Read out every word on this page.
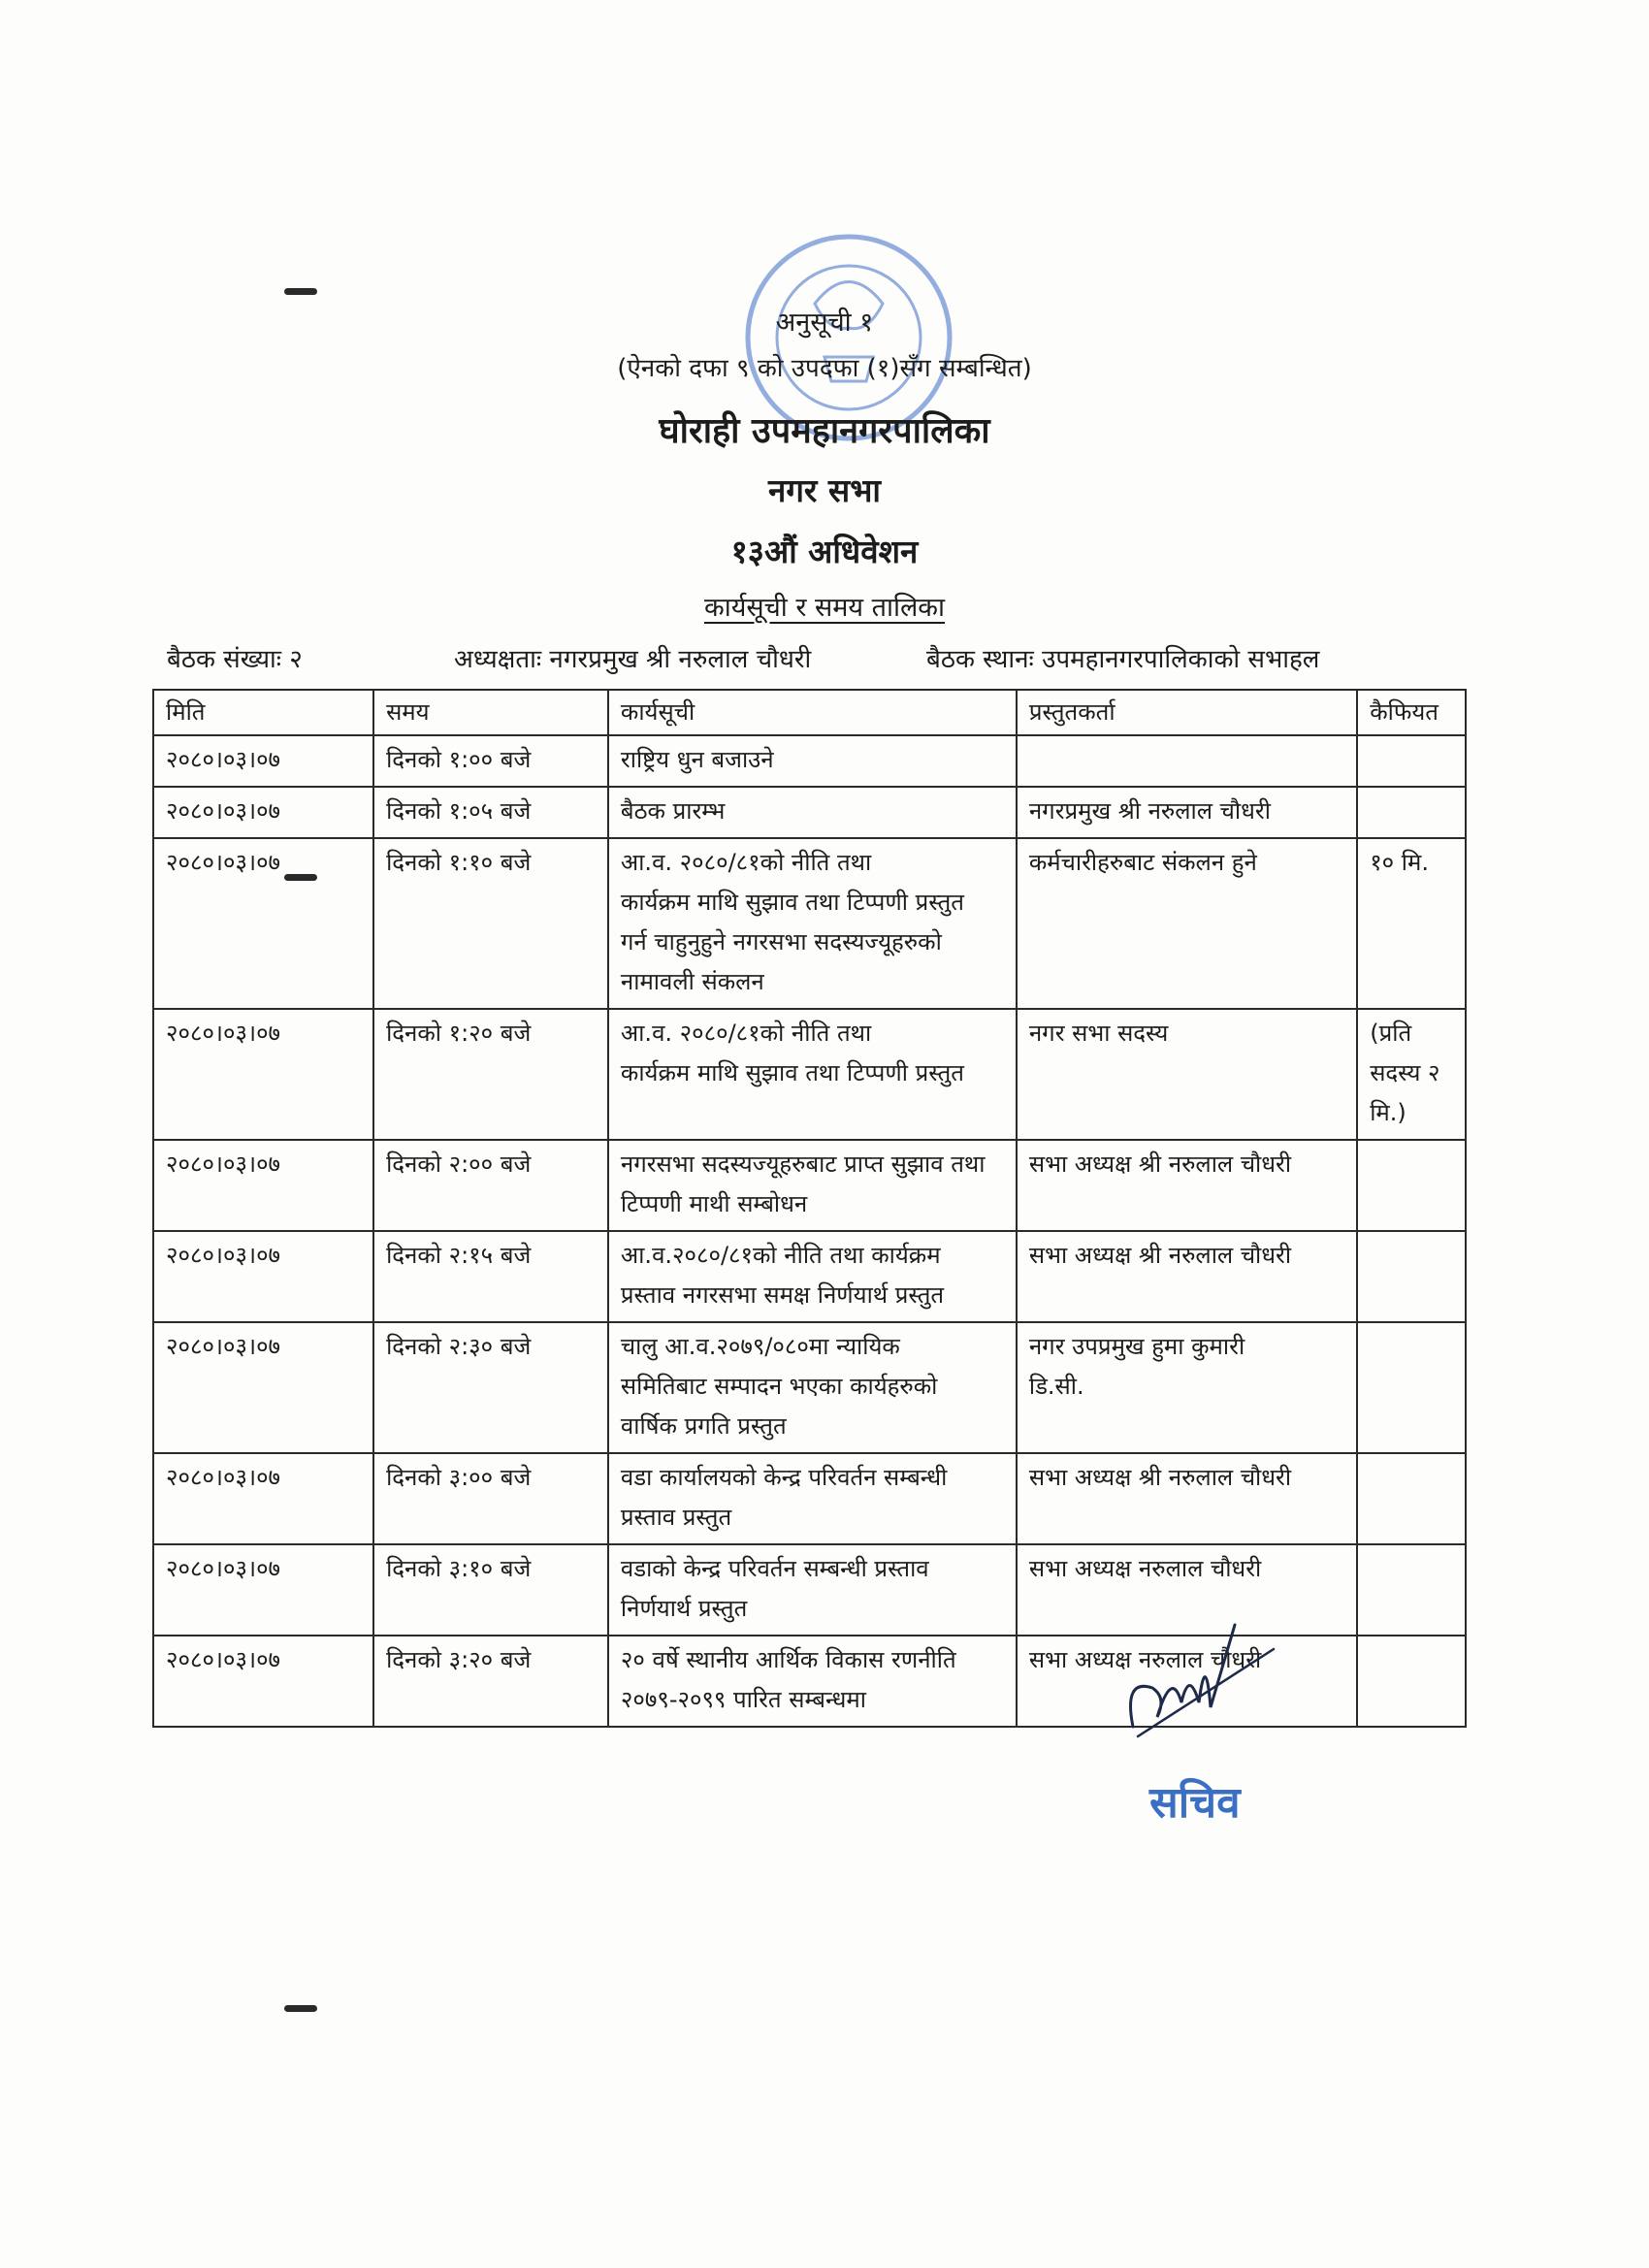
अनुसूची १
(ऐनको दफा ९ को उपदफा (१)सँग सम्बन्धित)
घोराही उपमहानगरपालिका
नगर सभा
१३औं अधिवेशन
कार्यसूची र समय तालिका
बैठक संख्याः २	अध्यक्षताः नगरप्रमुख श्री नरुलाल चौधरी	बैठक स्थानः उपमहानगरपालिकाको सभाहल
मिति	समय	कार्यसूची	प्रस्तुतकर्ता	कैफियत
२०८०।०३।०७	दिनको १:०० बजे	राष्ट्रिय धुन बजाउने		
२०८०।०३।०७	दिनको १:०५ बजे	बैठक प्रारम्भ	नगरप्रमुख श्री नरुलाल चौधरी	
२०८०।०३।०७	दिनको १:१० बजे	आ.व. २०८०/८१को नीति तथा
कार्यक्रम माथि सुझाव तथा टिप्पणी प्रस्तुत
गर्न चाहुनुहुने नगरसभा सदस्यज्यूहरुको
नामावली संकलन	कर्मचारीहरुबाट संकलन हुने	१० मि.
२०८०।०३।०७	दिनको १:२० बजे	आ.व. २०८०/८१को नीति तथा
कार्यक्रम माथि सुझाव तथा टिप्पणी प्रस्तुत	नगर सभा सदस्य	(प्रति
सदस्य २
मि.)
२०८०।०३।०७	दिनको २:०० बजे	नगरसभा सदस्यज्यूहरुबाट प्राप्त सुझाव तथा
टिप्पणी माथी सम्बोधन	सभा अध्यक्ष श्री नरुलाल चौधरी	
२०८०।०३।०७	दिनको २:१५ बजे	आ.व.२०८०/८१को नीति तथा कार्यक्रम
प्रस्ताव नगरसभा समक्ष निर्णयार्थ प्रस्तुत	सभा अध्यक्ष श्री नरुलाल चौधरी	
२०८०।०३।०७	दिनको २:३० बजे	चालु आ.व.२०७९/०८०मा न्यायिक
समितिबाट सम्पादन भएका कार्यहरुको
वार्षिक प्रगति प्रस्तुत	नगर उपप्रमुख हुमा कुमारी
डि.सी.	
२०८०।०३।०७	दिनको ३:०० बजे	वडा कार्यालयको केन्द्र परिवर्तन सम्बन्धी
प्रस्ताव प्रस्तुत	सभा अध्यक्ष श्री नरुलाल चौधरी	
२०८०।०३।०७	दिनको ३:१० बजे	वडाको केन्द्र परिवर्तन सम्बन्धी प्रस्ताव
निर्णयार्थ प्रस्तुत	सभा अध्यक्ष नरुलाल चौधरी	
२०८०।०३।०७	दिनको ३:२० बजे	२० वर्षे स्थानीय आर्थिक विकास रणनीति
२०७९-२०९९ पारित सम्बन्धमा	सभा अध्यक्ष नरुलाल चौधरी	
सचिव
